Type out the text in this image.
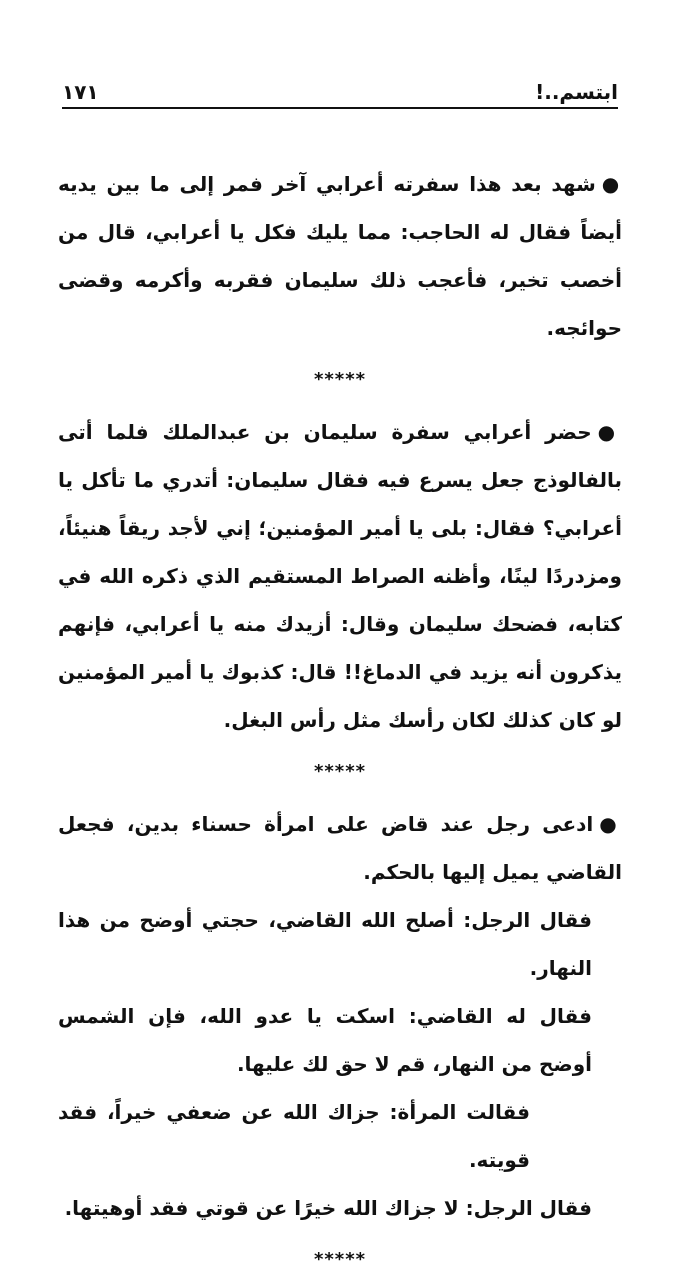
ابتسم..!
١٧١

●شهد بعد هذا سفرته أعرابي آخر فمر إلى ما بين يديه أيضاً فقال له الحاجب: مما يليك فكل يا أعرابي، قال من أخصب تخير، فأعجب ذلك سليمان فقربه وأكرمه وقضى حوائجه.

*****

●حضر أعرابي سفرة سليمان بن عبدالملك فلما أتى بالفالوذج جعل يسرع فيه فقال سليمان: أتدري ما تأكل يا أعرابي؟ فقال: بلى يا أمير المؤمنين؛ إني لأجد ريقاً هنيئاً، ومزدردًا لينًا، وأظنه الصراط المستقيم الذي ذكره الله في كتابه، فضحك سليمان وقال: أزيدك منه يا أعرابي، فإنهم يذكرون أنه يزيد في الدماغ!! قال: كذبوك يا أمير المؤمنين لو كان كذلك لكان رأسك مثل رأس البغل.

*****

●ادعى رجل عند قاض على امرأة حسناء بدين، فجعل القاضي يميل إليها بالحكم.

فقال الرجل: أصلح الله القاضي، حجتي أوضح من هذا النهار.

فقال له القاضي: اسكت يا عدو الله، فإن الشمس أوضح من النهار، قم لا حق لك عليها.

فقالت المرأة: جزاك الله عن ضعفي خيراً، فقد قويته.

فقال الرجل: لا جزاك الله خيرًا عن قوتي فقد أوهيتها.

*****
